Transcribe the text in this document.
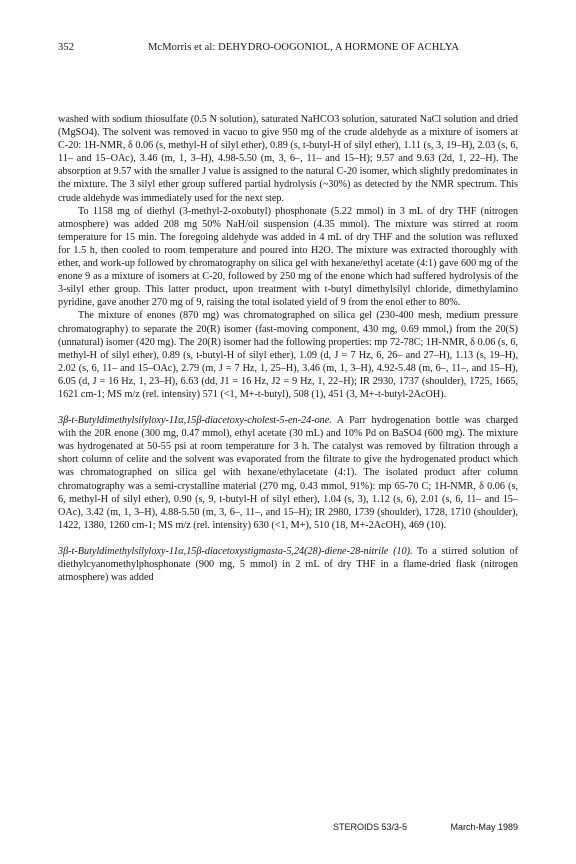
352	McMorris et al: DEHYDRO-OOGONIOL, A HORMONE OF ACHLYA

washed with sodium thiosulfate (0.5 N solution), saturated NaHCO3 solution, saturated NaCl solution and dried (MgSO4). The solvent was removed in vacuo to give 950 mg of the crude aldehyde as a mixture of isomers at C-20: 1H-NMR, δ 0.06 (s, methyl-H of silyl ether), 0.89 (s, t-butyl-H of silyl ether), 1.11 (s, 3, 19–H), 2.03 (s, 6, 11– and 15–OAc), 3.46 (m, 1, 3–H), 4.98-5.50 (m, 3, 6–, 11– and 15–H); 9.57 and 9.63 (2d, 1, 22–H). The absorption at 9.57 with the smaller J value is assigned to the natural C-20 isomer, which slightly predominates in the mixture. The 3 silyl ether group suffered partial hydrolysis (~30%) as detected by the NMR spectrum. This crude aldehyde was immediately used for the next step.

To 1158 mg of diethyl (3-methyl-2-oxobutyl) phosphonate (5.22 mmol) in 3 mL of dry THF (nitrogen atmosphere) was added 208 mg 50% NaH/oil suspension (4.35 mmol). The mixture was stirred at room temperature for 15 min. The foregoing aldehyde was added in 4 mL of dry THF and the solution was refluxed for 1.5 h, then cooled to room temperature and poured into H2O. The mixture was extracted thoroughly with ether, and work-up followed by chromatography on silica gel with hexane/ethyl acetate (4:1) gave 600 mg of the enone 9 as a mixture of isomers at C-20, followed by 250 mg of the enone which had suffered hydrolysis of the 3-silyl ether group. This latter product, upon treatment with t-butyl dimethylsilyl chloride, dimethylamino pyridine, gave another 270 mg of 9, raising the total isolated yield of 9 from the enol ether to 80%.

The mixture of enones (870 mg) was chromatographed on silica gel (230-400 mesh, medium pressure chromatography) to separate the 20(R) isomer (fast-moving component, 430 mg, 0.69 mmol,) from the 20(S)(unnatural) isomer (420 mg). The 20(R) isomer had the following properties: mp 72-78C; 1H-NMR, δ 0.06 (s, 6, methyl-H of silyl ether), 0.89 (s, t-butyl-H of silyl ether), 1.09 (d, J = 7 Hz, 6, 26– and 27–H), 1.13 (s, 19–H), 2.02 (s, 6, 11– and 15–OAc), 2.79 (m, J = 7 Hz, 1, 25–H), 3.46 (m, 1, 3–H), 4.92-5.48 (m, 6–, 11–, and 15–H), 6.05 (d, J = 16 Hz, 1, 23–H), 6.63 (dd, J1 = 16 Hz, J2 = 9 Hz, 1, 22–H); IR 2930, 1737 (shoulder), 1725, 1665, 1621 cm-1; MS m/z (rel. intensity) 571 (<1, M+-t-butyl), 508 (1), 451 (3, M+-t-butyl-2AcOH).

3β-t-Butyldimethylsilyloxy-11α,15β-diacetoxy-cholest-5-en-24-one. A Parr hydrogenation bottle was charged with the 20R enone (300 mg, 0.47 mmol), ethyl acetate (30 mL) and 10% Pd on BaSO4 (600 mg). The mixture was hydrogenated at 50-55 psi at room temperature for 3 h. The catalyst was removed by filtration through a short column of celite and the solvent was evaporated from the filtrate to give the hydrogenated product which was chromatographed on silica gel with hexane/ethylacetate (4:1). The isolated product after column chromatography was a semi-crystalline material (270 mg, 0.43 mmol, 91%): mp 65-70 C; 1H-NMR, δ 0.06 (s, 6, methyl-H of silyl ether), 0.90 (s, 9, t-butyl-H of silyl ether), 1.04 (s, 3), 1.12 (s, 6), 2.01 (s, 6, 11– and 15–OAc), 3.42 (m, 1, 3–H), 4.88-5.50 (m, 3, 6–, 11–, and 15–H); IR 2980, 1739 (shoulder), 1728, 1710 (shoulder), 1422, 1380, 1260 cm-1; MS m/z (rel. intensity) 630 (<1, M+), 510 (18, M+-2AcOH), 469 (10).

3β-t-Butyldimethylsilyloxy-11α,15β-diacetoxystigmasta-5,24(28)-diene-28-nitrile (10). To a stirred solution of diethylcyanomethylphosphonate (900 mg, 5 mmol) in 2 mL of dry THF in a flame-dried flask (nitrogen atmosphere) was added

STEROIDS 53/3-5	March-May 1989
